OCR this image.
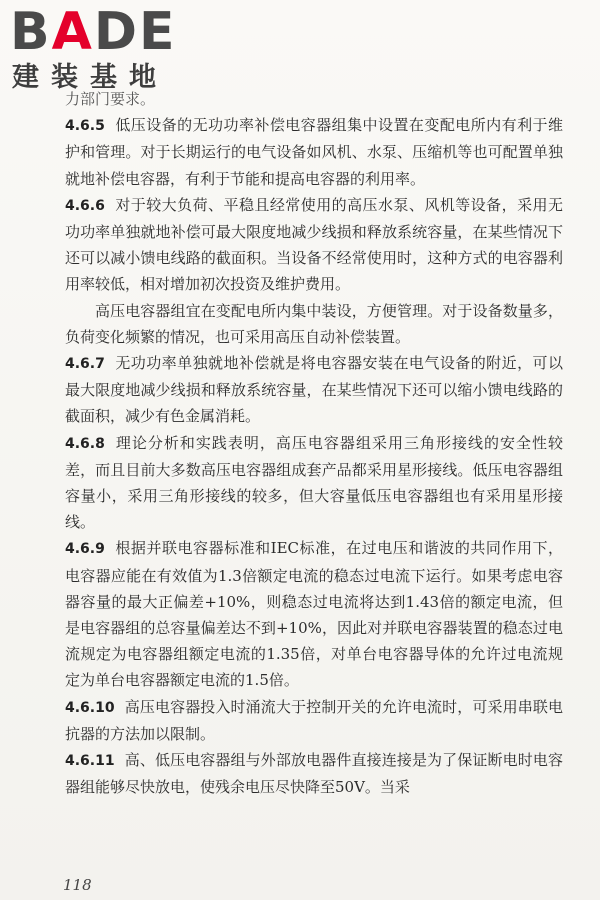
BADE
建装基地

力部门要求。

4.6.5 低压设备的无功功率补偿电容器组集中设置在变配电所内有利于维护和管理。对于长期运行的电气设备如风机、水泵、压缩机等也可配置单独就地补偿电容器，有利于节能和提高电容器的利用率。

4.6.6 对于较大负荷、平稳且经常使用的高压水泵、风机等设备，采用无功功率单独就地补偿可最大限度地减少线损和释放系统容量，在某些情况下还可以减小馈电线路的截面积。当设备不经常使用时，这种方式的电容器利用率较低，相对增加初次投资及维护费用。

高压电容器组宜在变配电所内集中装设，方便管理。对于设备数量多，负荷变化频繁的情况，也可采用高压自动补偿装置。

4.6.7 无功功率单独就地补偿就是将电容器安装在电气设备的附近，可以最大限度地减少线损和释放系统容量，在某些情况下还可以缩小馈电线路的截面积，减少有色金属消耗。

4.6.8 理论分析和实践表明，高压电容器组采用三角形接线的安全性较差，而且目前大多数高压电容器组成套产品都采用星形接线。低压电容器组容量小，采用三角形接线的较多，但大容量低压电容器组也有采用星形接线。

4.6.9 根据并联电容器标准和IEC标准，在过电压和谐波的共同作用下，电容器应能在有效值为1.3倍额定电流的稳态过电流下运行。如果考虑电容器容量的最大正偏差+10%，则稳态过电流将达到1.43倍的额定电流，但是电容器组的总容量偏差达不到+10%，因此对并联电容器装置的稳态过电流规定为电容器组额定电流的1.35倍，对单台电容器导体的允许过电流规定为单台电容器额定电流的1.5倍。

4.6.10 高压电容器投入时涌流大于控制开关的允许电流时，可采用串联电抗器的方法加以限制。

4.6.11 高、低压电容器组与外部放电器件直接连接是为了保证断电时电容器组能够尽快放电，使残余电压尽快降至50V。当采

118
